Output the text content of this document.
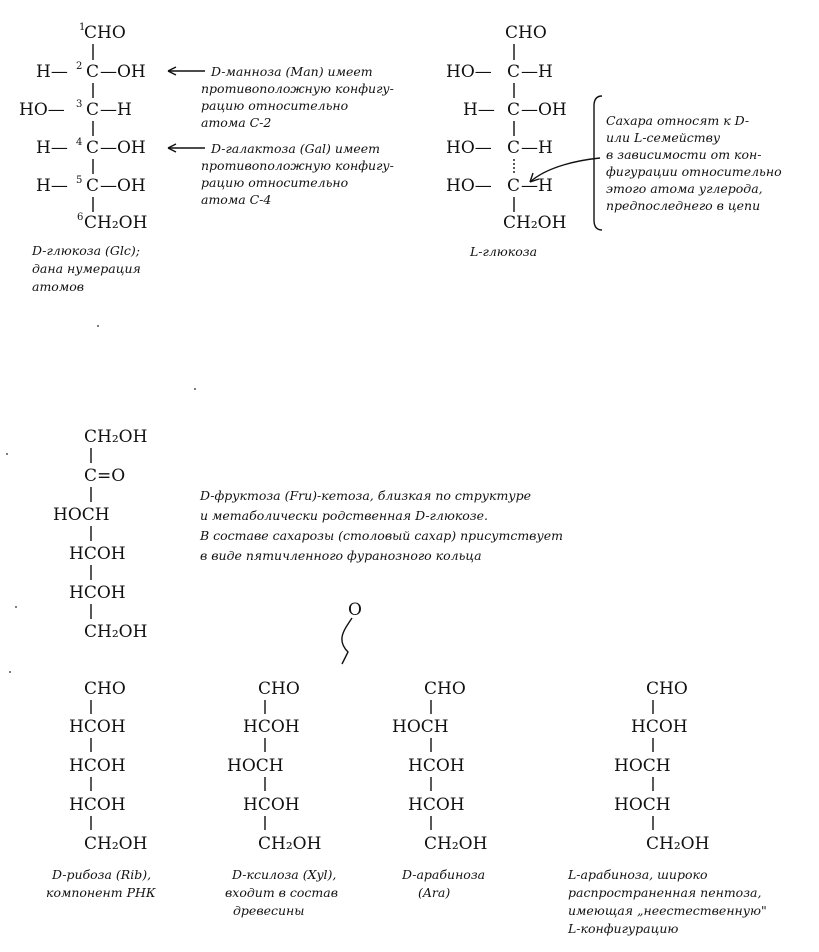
1
CHO
H— 2 C —OH
HO— 3 C —H
H— 4 C —OH
H— 5 C —OH
6 CH₂OH
D-глюкоза (Glc);
дана нумерация
атомов
D-манноза (Man) имеет
противоположную конфигу-
рацию относительно
атома C-2
D-галактоза (Gal) имеет
противоположную конфигу-
рацию относительно
атома C-4
CHO
HO— C —H
H— C —OH
HO— C —H
HO— C —H
CH₂OH
L-глюкоза
Сахара относят к D-
или L-семейству
в зависимости от кон-
фигурации относительно
этого атома углерода,
предпоследнего в цепи
CH₂OH
C=O
HOCH
HCOH
HCOH
CH₂OH
D-фруктоза (Fru)-кетоза, близкая по структуре
и метаболически родственная D-глюкозе.
В составе сахарозы (столовый сахар) присутствует
в виде пятичленного фуранозного кольца
O
CHO
HCOH
HCOH
HCOH
CH₂OH
D-рибоза (Rib),
компонент РНК
CHO
HCOH
HOCH
HCOH
CH₂OH
D-ксилоза (Xyl),
входит в состав
древесины
CHO
HOCH
HCOH
HCOH
CH₂OH
D-арабиноза
(Ara)
CHO
HCOH
HOCH
HOCH
CH₂OH
L-арабиноза, широко
распространенная пентоза,
имеющая „неестественную"
L-конфигурацию
